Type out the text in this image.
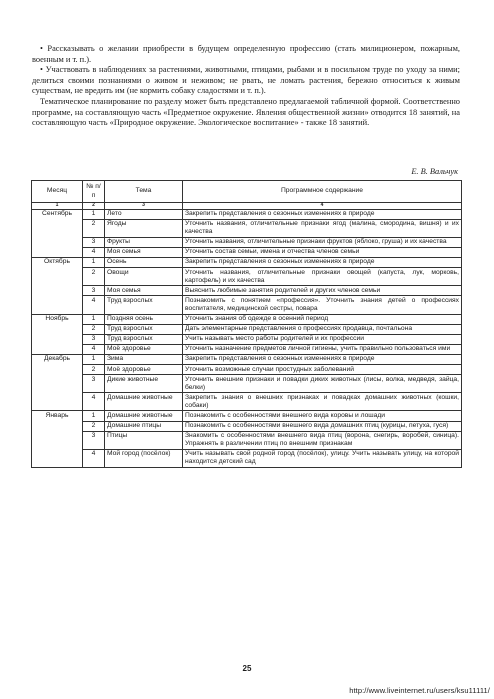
• Рассказывать о желании приобрести в будущем определенную профессию (стать милиционером, пожарным, военным и т. п.).

• Участвовать в наблюдениях за растениями, животными, птицами, рыбами и в посильном труде по уходу за ними; делиться своими познаниями о живом и неживом; не рвать, не ломать растения, бережно относиться к живым существам, не вредить им (не кормить собаку сладостями и т. п.).

Тематическое планирование по разделу может быть представлено предлагаемой табличной формой. Соответственно программе, на составляющую часть «Предметное окружение. Явления общественной жизни» отводится 18 занятий, на составляющую часть «Природное окружение. Экологическое воспитание» - также 18 занятий.

Е. В. Вальчук
Месяц	№ п/п	Тема	Программное содержание
1	2	3	4
Сентябрь	1	Лето	Закрепить представления о сезонных изменениях в природе
	2	Ягоды	Уточнить названия, отличительные признаки ягод (малина, смородина, вишня) и их качества
	3	Фрукты	Уточнить названия, отличительные признаки фруктов (яблоко, груша) и их качества
	4	Моя семья	Уточнить состав семьи, имена и отчества членов семьи
Октябрь	1	Осень	Закрепить представления о сезонных изменениях в природе
	2	Овощи	Уточнить названия, отличительные признаки овощей (капуста, лук, морковь, картофель) и их качества
	3	Моя семья	Выяснить любимые занятия родителей и других членов семьи
	4	Труд взрослых	Познакомить с понятием «профессия». Уточнить знания детей о профессиях воспитателя, медицинской сестры, повара
Ноябрь	1	Поздняя осень	Уточнить знания об одежде в осенний период
	2	Труд взрослых	Дать элементарные представления о профессиях продавца, почтальона
	3	Труд взрослых	Учить называть место работы родителей и их профессии
	4	Моё здоровье	Уточнить назначение предметов личной гигиены, учить правильно пользоваться ими
Декабрь	1	Зима	Закрепить представления о сезонных изменениях в природе
	2	Моё здоровье	Уточнить возможные случаи простудных заболеваний
	3	Дикие животные	Уточнить внешние признаки и повадки диких животных (лисы, волка, медведя, зайца, белки)
	4	Домашние животные	Закрепить знания о внешних признаках и повадках домашних животных (кошки, собаки)
Январь	1	Домашние животные	Познакомить с особенностями внешнего вида коровы и лошади
	2	Домашние птицы	Познакомить с особенностями внешнего вида домашних птиц (курицы, петуха, гуся)
	3	Птицы	Знакомить с особенностями внешнего вида птиц (ворона, снегирь, воробей, синица). Упражнять в различении птиц по внешним признакам
	4	Мой город (посёлок)	Учить называть свой родной город (посёлок), улицу. Учить называть улицу, на которой находится детский сад
25
http://www.liveinternet.ru/users/ksu11111/
